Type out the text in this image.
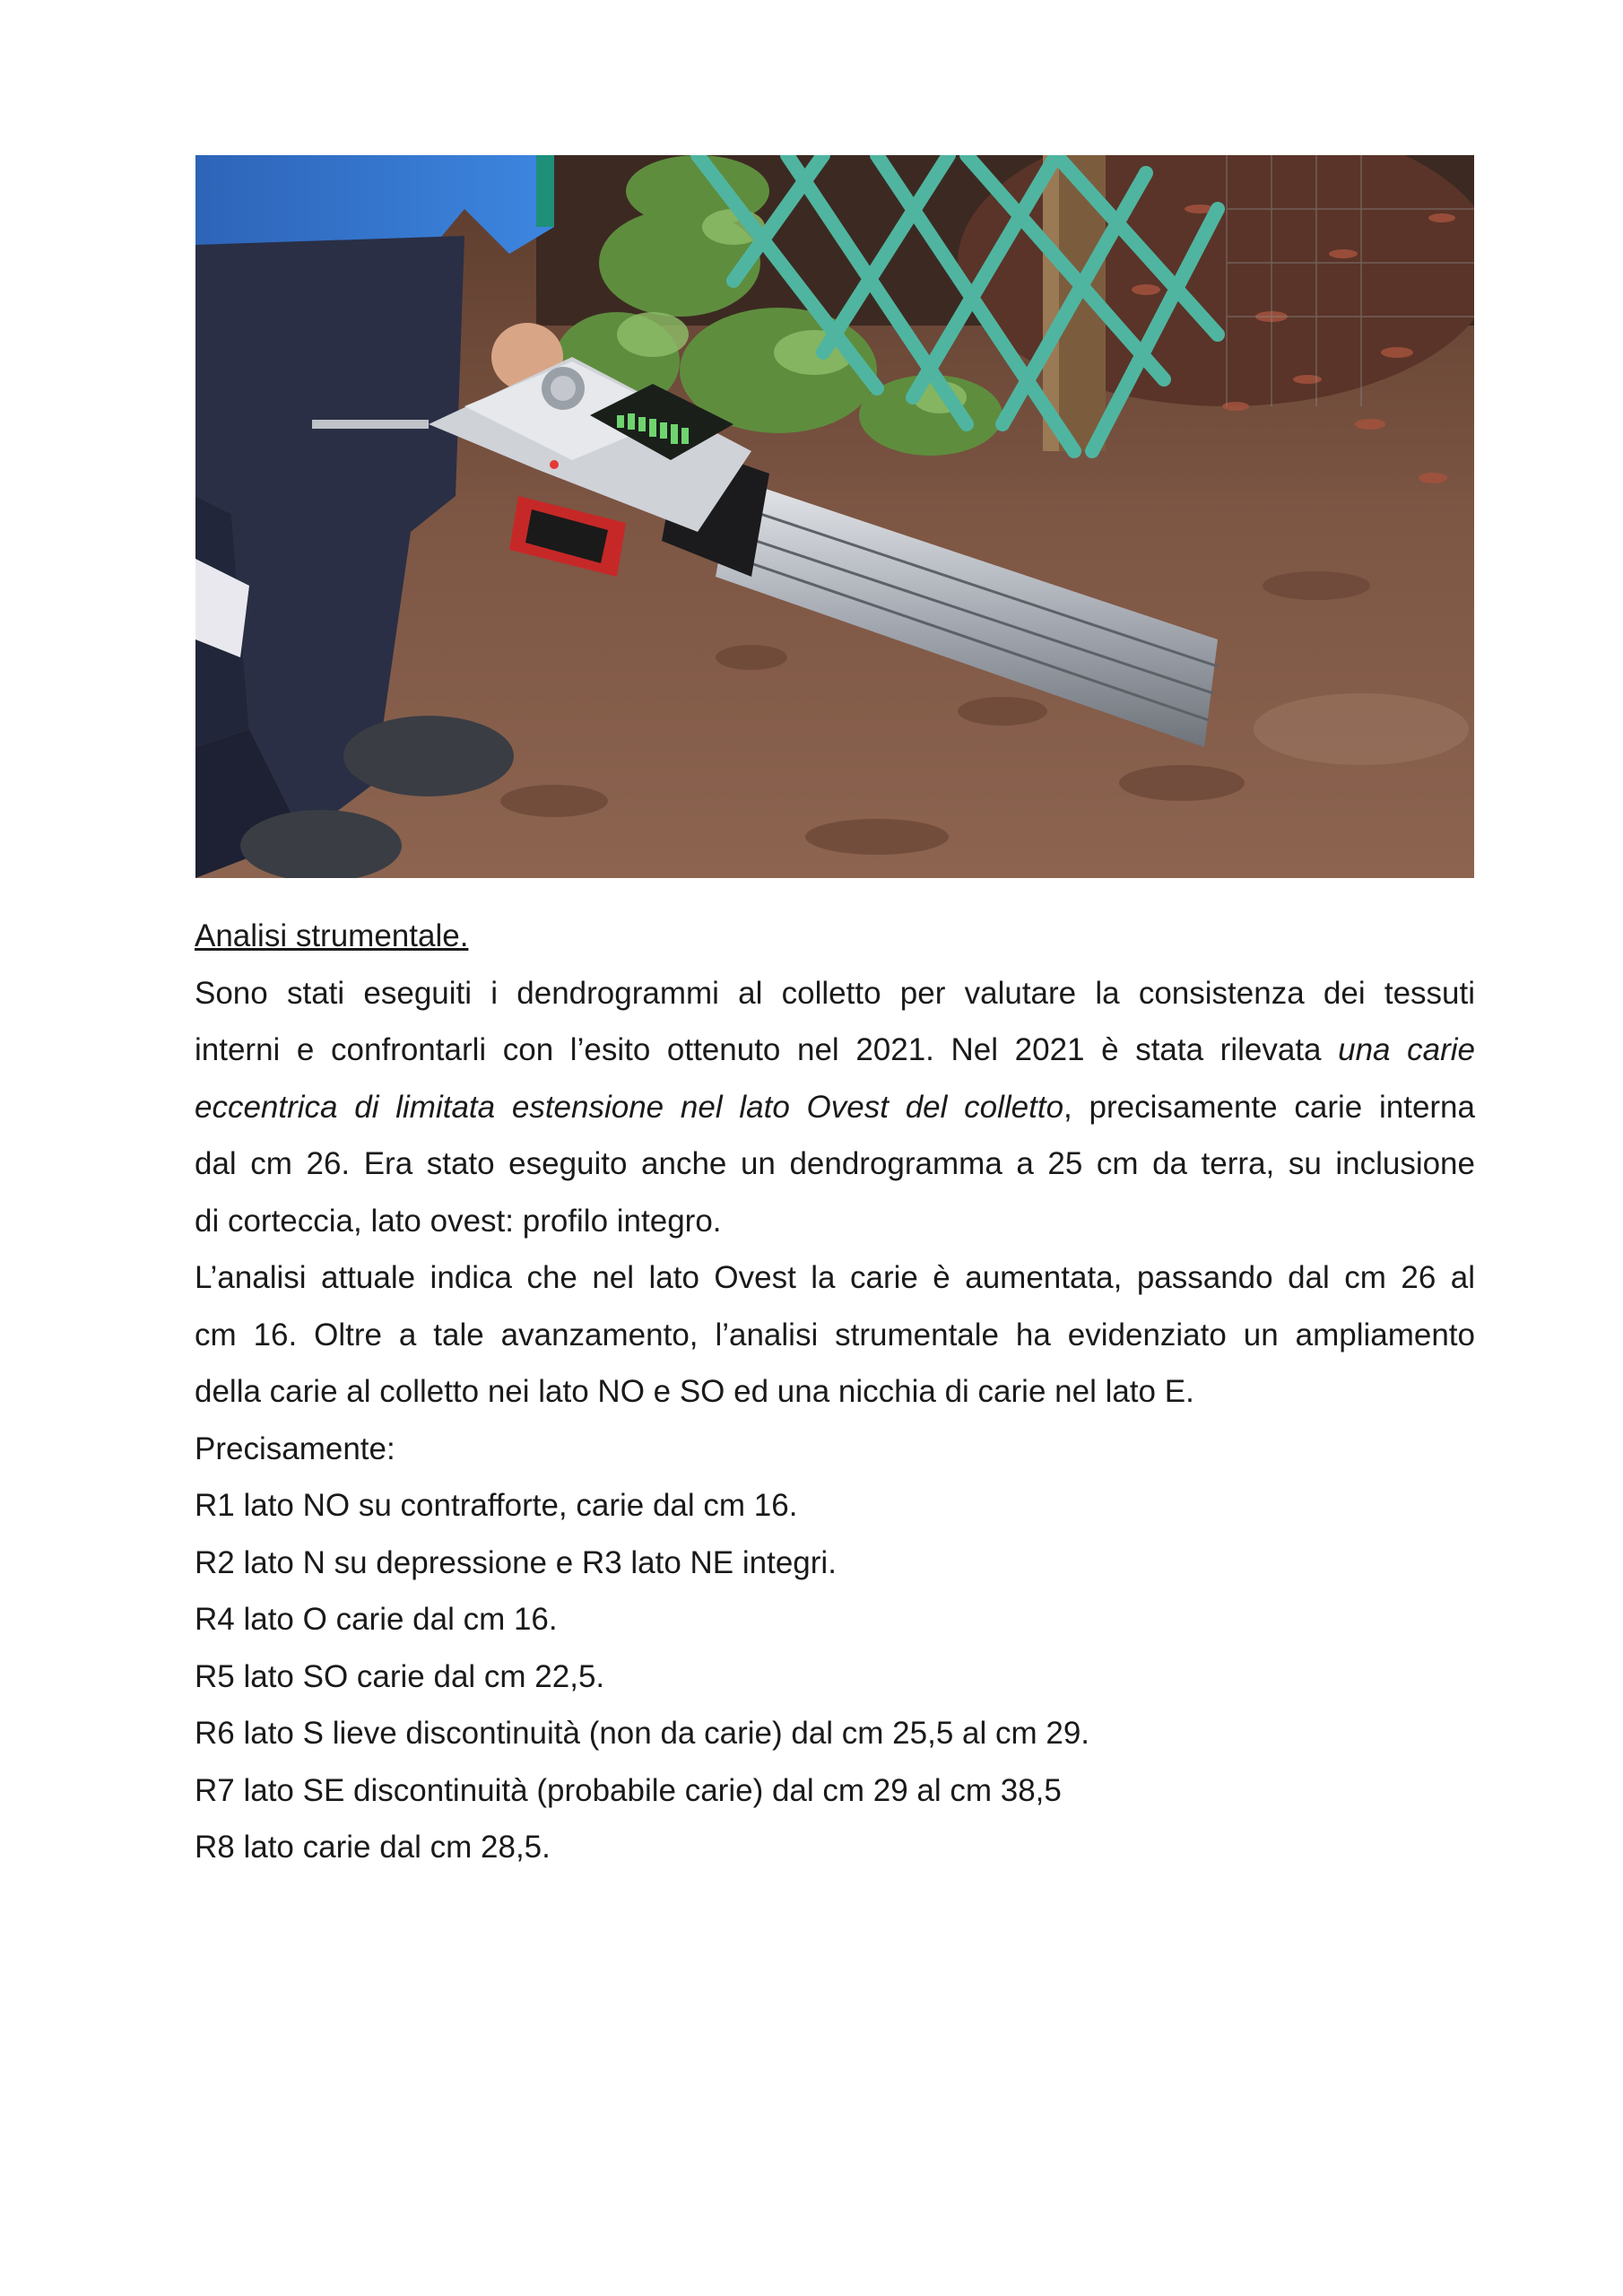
Analisi strumentale.

Sono stati eseguiti i dendrogrammi al colletto per valutare la consistenza dei tessuti
interni e confrontarli con l’esito ottenuto nel 2021. Nel 2021 è stata rilevata una carie
eccentrica di limitata estensione nel lato Ovest del colletto, precisamente carie interna
dal cm 26. Era stato eseguito anche un dendrogramma a 25 cm da terra, su inclusione
di corteccia, lato ovest: profilo integro.

L’analisi attuale indica che nel lato Ovest la carie è aumentata, passando dal cm 26 al
cm 16. Oltre a tale avanzamento, l’analisi strumentale ha evidenziato un ampliamento
della carie al colletto nei lato NO e SO ed una nicchia di carie nel lato E.

Precisamente:

R1 lato NO su contrafforte, carie dal cm 16.
R2 lato N su depressione e R3 lato NE integri.
R4 lato O carie dal cm 16.
R5 lato SO carie dal cm 22,5.
R6 lato S lieve discontinuità (non da carie) dal cm 25,5 al cm 29.
R7 lato SE discontinuità (probabile carie) dal cm 29 al cm 38,5
R8 lato carie dal cm 28,5.
